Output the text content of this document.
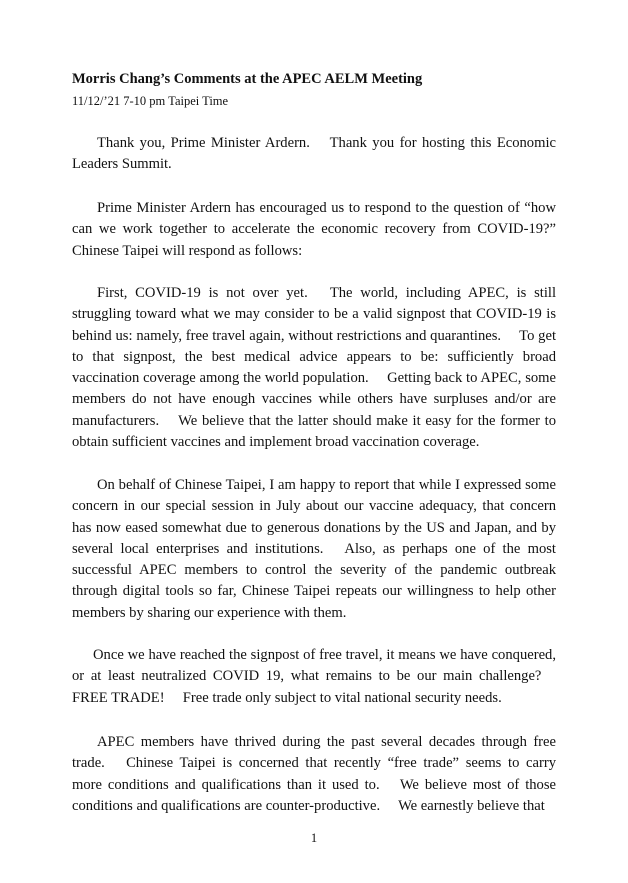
Morris Chang’s Comments at the APEC AELM Meeting
11/12/’21 7-10 pm Taipei Time

Thank you, Prime Minister Ardern.  Thank you for hosting this Economic Leaders Summit.

Prime Minister Ardern has encouraged us to respond to the question of “how can we work together to accelerate the economic recovery from COVID-19?” Chinese Taipei will respond as follows:

First, COVID-19 is not over yet.  The world, including APEC, is still struggling toward what we may consider to be a valid signpost that COVID-19 is behind us: namely, free travel again, without restrictions and quarantines.  To get to that signpost, the best medical advice appears to be: sufficiently broad vaccination coverage among the world population.  Getting back to APEC, some members do not have enough vaccines while others have surpluses and/or are manufacturers.  We believe that the latter should make it easy for the former to obtain sufficient vaccines and implement broad vaccination coverage.

On behalf of Chinese Taipei, I am happy to report that while I expressed some concern in our special session in July about our vaccine adequacy, that concern has now eased somewhat due to generous donations by the US and Japan, and by several local enterprises and institutions.  Also, as perhaps one of the most successful APEC members to control the severity of the pandemic outbreak through digital tools so far, Chinese Taipei repeats our willingness to help other members by sharing our experience with them.

Once we have reached the signpost of free travel, it means we have conquered, or at least neutralized COVID 19, what remains to be our main challenge?  FREE TRADE!  Free trade only subject to vital national security needs.

APEC members have thrived during the past several decades through free trade.  Chinese Taipei is concerned that recently “free trade” seems to carry more conditions and qualifications than it used to.  We believe most of those conditions and qualifications are counter-productive.  We earnestly believe that

1
